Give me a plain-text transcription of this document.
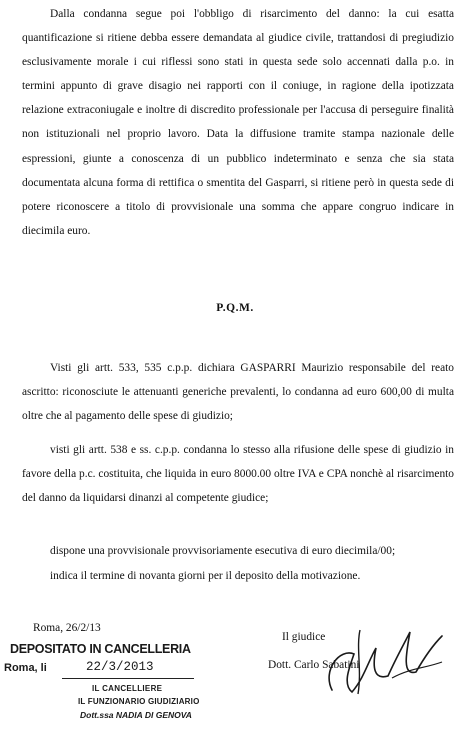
Dalla condanna segue poi l'obbligo di risarcimento del danno: la cui esatta quantificazione si ritiene debba essere demandata al giudice civile, trattandosi di pregiudizio esclusivamente morale i cui riflessi sono stati in questa sede solo accennati dalla p.o. in termini appunto di grave disagio nei rapporti con il coniuge, in ragione della ipotizzata relazione extraconiugale e inoltre di discredito professionale per l'accusa di perseguire finalità non istituzionali nel proprio lavoro. Data la diffusione tramite stampa nazionale delle espressioni, giunte a conoscenza di un pubblico indeterminato e senza che sia stata documentata alcuna forma di rettifica o smentita del Gasparri, si ritiene però in questa sede di potere riconoscere a titolo di provvisionale una somma che appare congruo indicare in diecimila euro.
P.Q.M.
Visti gli artt. 533, 535 c.p.p. dichiara GASPARRI Maurizio responsabile del reato ascritto: riconosciute le attenuanti generiche prevalenti, lo condanna ad euro 600,00 di multa oltre che al pagamento delle spese di giudizio;
visti gli artt. 538 e ss. c.p.p. condanna lo stesso alla rifusione delle spese di giudizio in favore della p.c. costituita, che liquida in euro 8000.00 oltre IVA e CPA nonchè al risarcimento del danno da liquidarsi dinanzi al competente giudice;
dispone una provvisionale provvisoriamente esecutiva di euro diecimila/00;
indica il termine di novanta giorni per il deposito della motivazione.
Roma, 26/2/13
Il giudice
Dott. Carlo Sabatini
DEPOSITATO IN CANCELLERIA
Roma, li	22/3/2013
IL CANCELLIERE
IL FUNZIONARIO GIUDIZIARIO
Dott.ssa NADIA DI GENOVA
